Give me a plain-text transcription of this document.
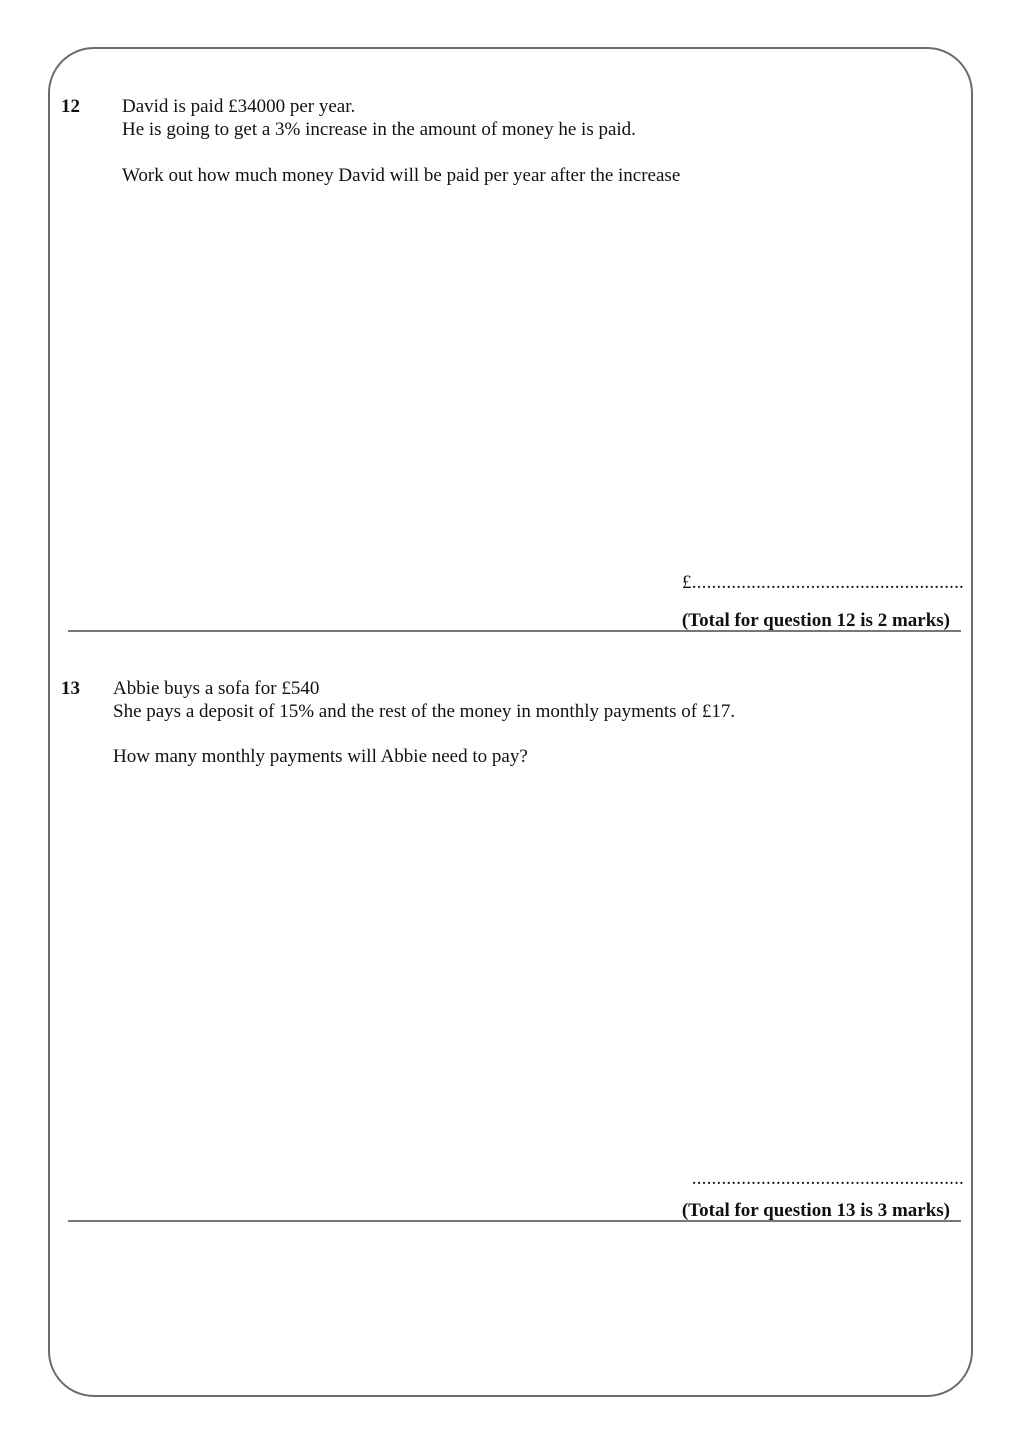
12 David is paid £34000 per year.
He is going to get a 3% increase in the amount of money he is paid.
Work out how much money David will be paid per year after the increase
£.......................................................
(Total for question 12 is 2 marks)
13 Abbie buys a sofa for £540
She pays a deposit of 15% and the rest of the money in monthly payments of £17.
How many monthly payments will Abbie need to pay?
.......................................................
(Total for question 13 is 3 marks)
